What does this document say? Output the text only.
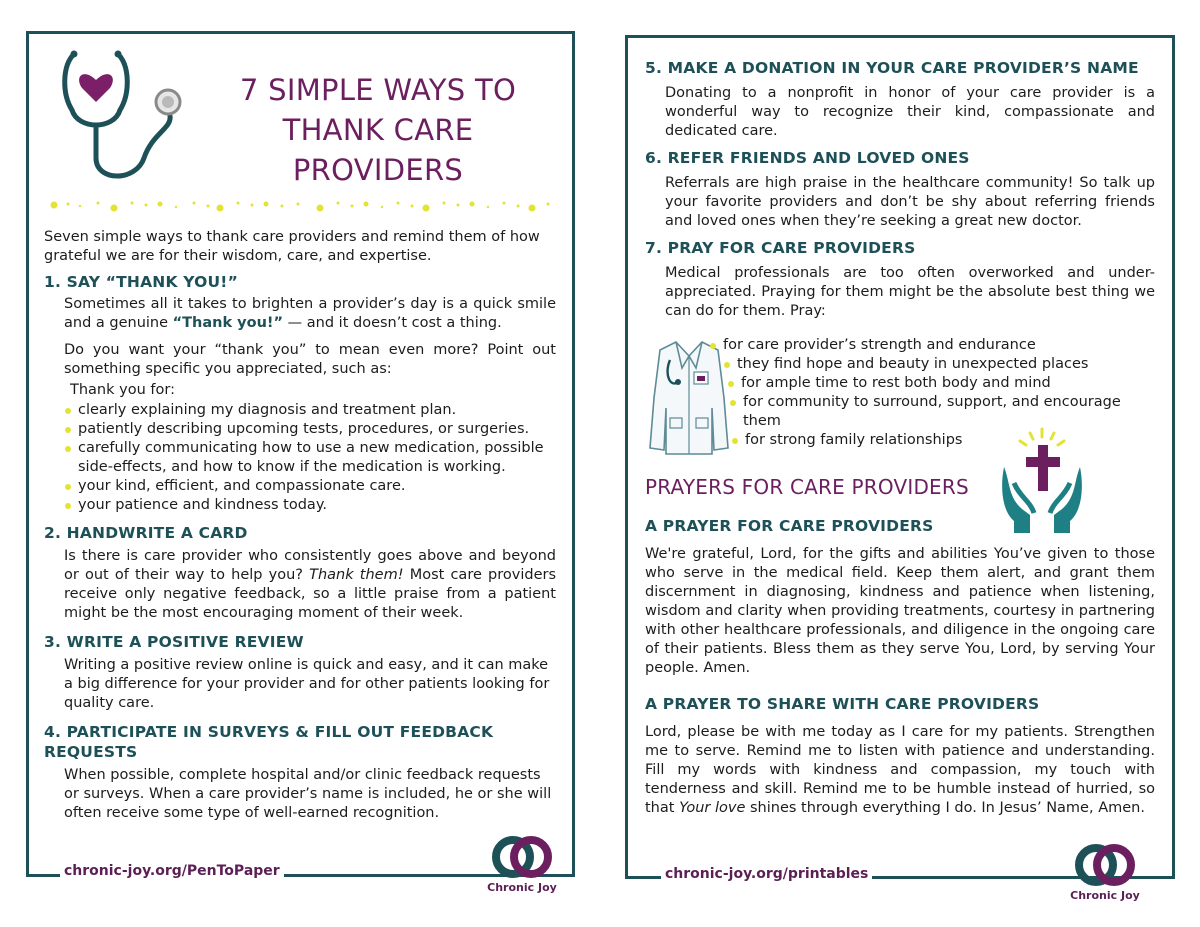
chronic-joy.org/PenToPaper
7 SIMPLE WAYS TO
THANK CARE PROVIDERS

Seven simple ways to thank care providers and remind them of how grateful we are for their wisdom, care, and expertise.

1. SAY “THANK YOU!”

Sometimes all it takes to brighten a provider’s day is a quick smile and a genuine “Thank you!” — and it doesn’t cost a thing.

Do you want your “thank you” to mean even more? Point out something specific you appreciated, such as:

Thank you for:
clearly explaining my diagnosis and treatment plan.
patiently describing upcoming tests, procedures, or surgeries.
carefully communicating how to use a new medication, possible side-effects, and how to know if the medication is working.
your kind, efficient, and compassionate care.
your patience and kindness today.
2. HANDWRITE A CARD

Is there is care provider who consistently goes above and beyond or out of their way to help you? Thank them! Most care providers receive only negative feedback, so a little praise from a patient might be the most encouraging moment of their week.

3. WRITE A POSITIVE REVIEW

Writing a positive review online is quick and easy, and it can make a big difference for your provider and for other patients looking for quality care.

4. PARTICIPATE IN SURVEYS & FILL OUT FEEDBACK REQUESTS

When possible, complete hospital and/or clinic feedback requests or surveys. When a care provider’s name is included, he or she will often receive some type of well-earned recognition.

Chronic Joy
chronic-joy.org/printables
5. MAKE A DONATION IN YOUR CARE PROVIDER’S NAME

Donating to a nonprofit in honor of your care provider is a wonderful way to recognize their kind, compassionate and dedicated care.

6. REFER FRIENDS AND LOVED ONES

Referrals are high praise in the healthcare community! So talk up your favorite providers and don’t be shy about referring friends and loved ones when they’re seeking a great new doctor.

7. PRAY FOR CARE PROVIDERS

Medical professionals are too often overworked and under-appreciated. Praying for them might be the absolute best thing we can do for them. Pray:

for care provider’s strength and endurance
they find hope and beauty in unexpected places
for ample time to rest both body and mind
for community to surround, support, and encourage them
for strong family relationships
PRAYERS FOR CARE PROVIDERS
A PRAYER FOR CARE PROVIDERS

We're grateful, Lord, for the gifts and abilities You’ve given to those who serve in the medical field. Keep them alert, and grant them discernment in diagnosing, kindness and patience when listening, wisdom and clarity when providing treatments, courtesy in partnering with other healthcare professionals, and diligence in the ongoing care of their patients. Bless them as they serve You, Lord, by serving Your people. Amen.

A PRAYER TO SHARE WITH CARE PROVIDERS

Lord, please be with me today as I care for my patients. Strengthen me to serve. Remind me to listen with patience and understanding. Fill my words with kindness and compassion, my touch with tenderness and skill. Remind me to be humble instead of hurried, so that Your love shines through everything I do. In Jesus’ Name, Amen.

Chronic Joy
